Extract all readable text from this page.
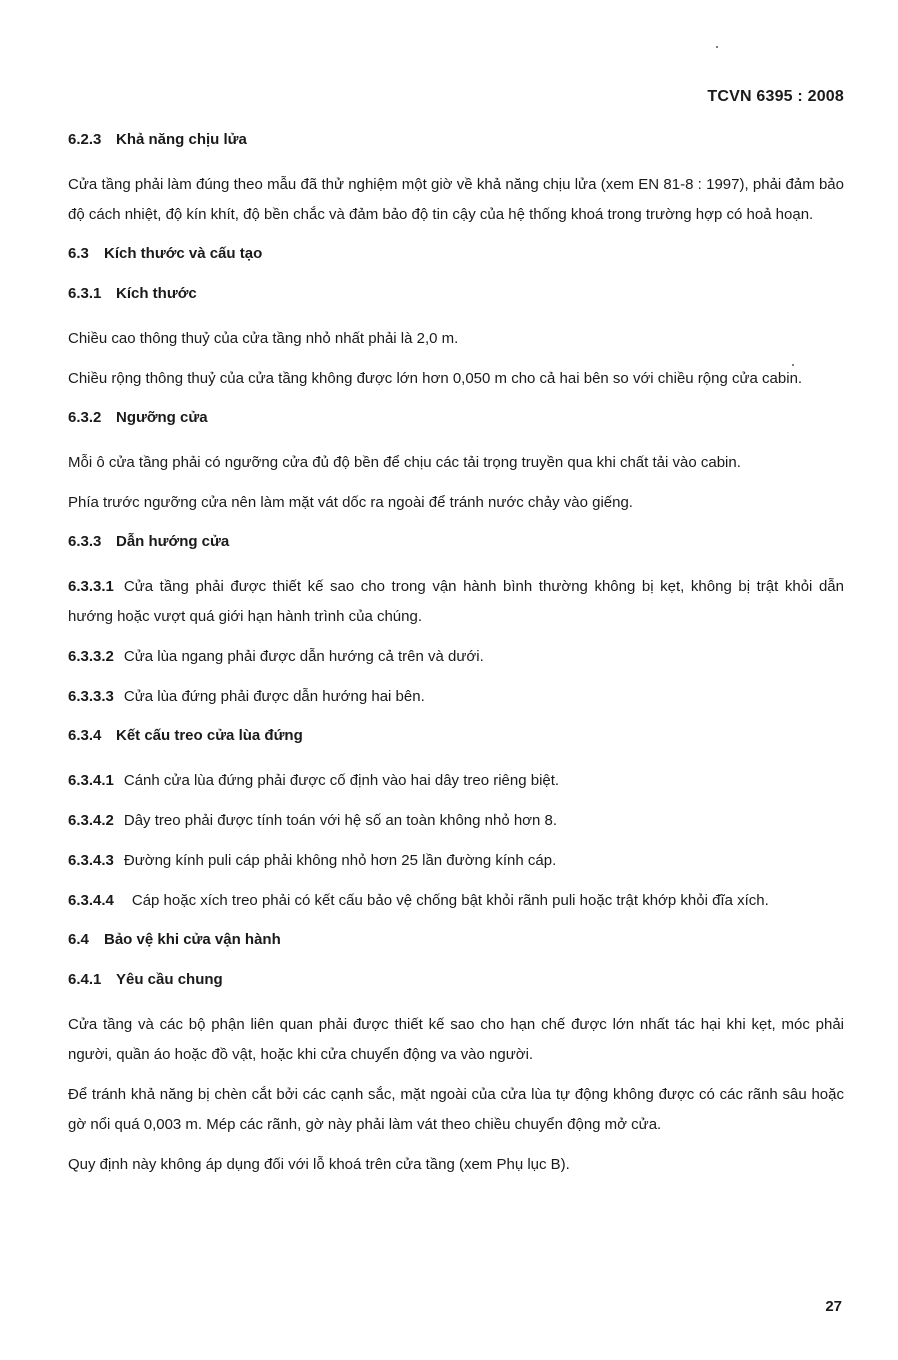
TCVN 6395 : 2008
6.2.3 Khả năng chịu lửa
Cửa tầng phải làm đúng theo mẫu đã thử nghiệm một giờ về khả năng chịu lửa (xem EN 81-8 : 1997), phải đảm bảo độ cách nhiệt, độ kín khít, độ bền chắc và đảm bảo độ tin cậy của hệ thống khoá trong trường hợp có hoả hoạn.
6.3 Kích thước và cấu tạo
6.3.1 Kích thước
Chiều cao thông thuỷ của cửa tầng nhỏ nhất phải là 2,0 m.
Chiều rộng thông thuỷ của cửa tầng không được lớn hơn 0,050 m cho cả hai bên so với chiều rộng cửa cabin.
6.3.2 Ngưỡng cửa
Mỗi ô cửa tầng phải có ngưỡng cửa đủ độ bền để chịu các tải trọng truyền qua khi chất tải vào cabin.
Phía trước ngưỡng cửa nên làm mặt vát dốc ra ngoài để tránh nước chảy vào giếng.
6.3.3 Dẫn hướng cửa
6.3.3.1 Cửa tầng phải được thiết kế sao cho trong vận hành bình thường không bị kẹt, không bị trật khỏi dẫn hướng hoặc vượt quá giới hạn hành trình của chúng.
6.3.3.2 Cửa lùa ngang phải được dẫn hướng cả trên và dưới.
6.3.3.3 Cửa lùa đứng phải được dẫn hướng hai bên.
6.3.4 Kết cấu treo cửa lùa đứng
6.3.4.1 Cánh cửa lùa đứng phải được cố định vào hai dây treo riêng biệt.
6.3.4.2 Dây treo phải được tính toán với hệ số an toàn không nhỏ hơn 8.
6.3.4.3 Đường kính puli cáp phải không nhỏ hơn 25 lần đường kính cáp.
6.3.4.4 Cáp hoặc xích treo phải có kết cấu bảo vệ chống bật khỏi rãnh puli hoặc trật khớp khỏi đĩa xích.
6.4 Bảo vệ khi cửa vận hành
6.4.1 Yêu cầu chung
Cửa tầng và các bộ phận liên quan phải được thiết kế sao cho hạn chế được lớn nhất tác hại khi kẹt, móc phải người, quần áo hoặc đồ vật, hoặc khi cửa chuyển động va vào người.
Để tránh khả năng bị chèn cắt bởi các cạnh sắc, mặt ngoài của cửa lùa tự động không được có các rãnh sâu hoặc gờ nổi quá 0,003 m. Mép các rãnh, gờ này phải làm vát theo chiều chuyển động mở cửa.
Quy định này không áp dụng đối với lỗ khoá trên cửa tầng (xem Phụ lục B).
27
